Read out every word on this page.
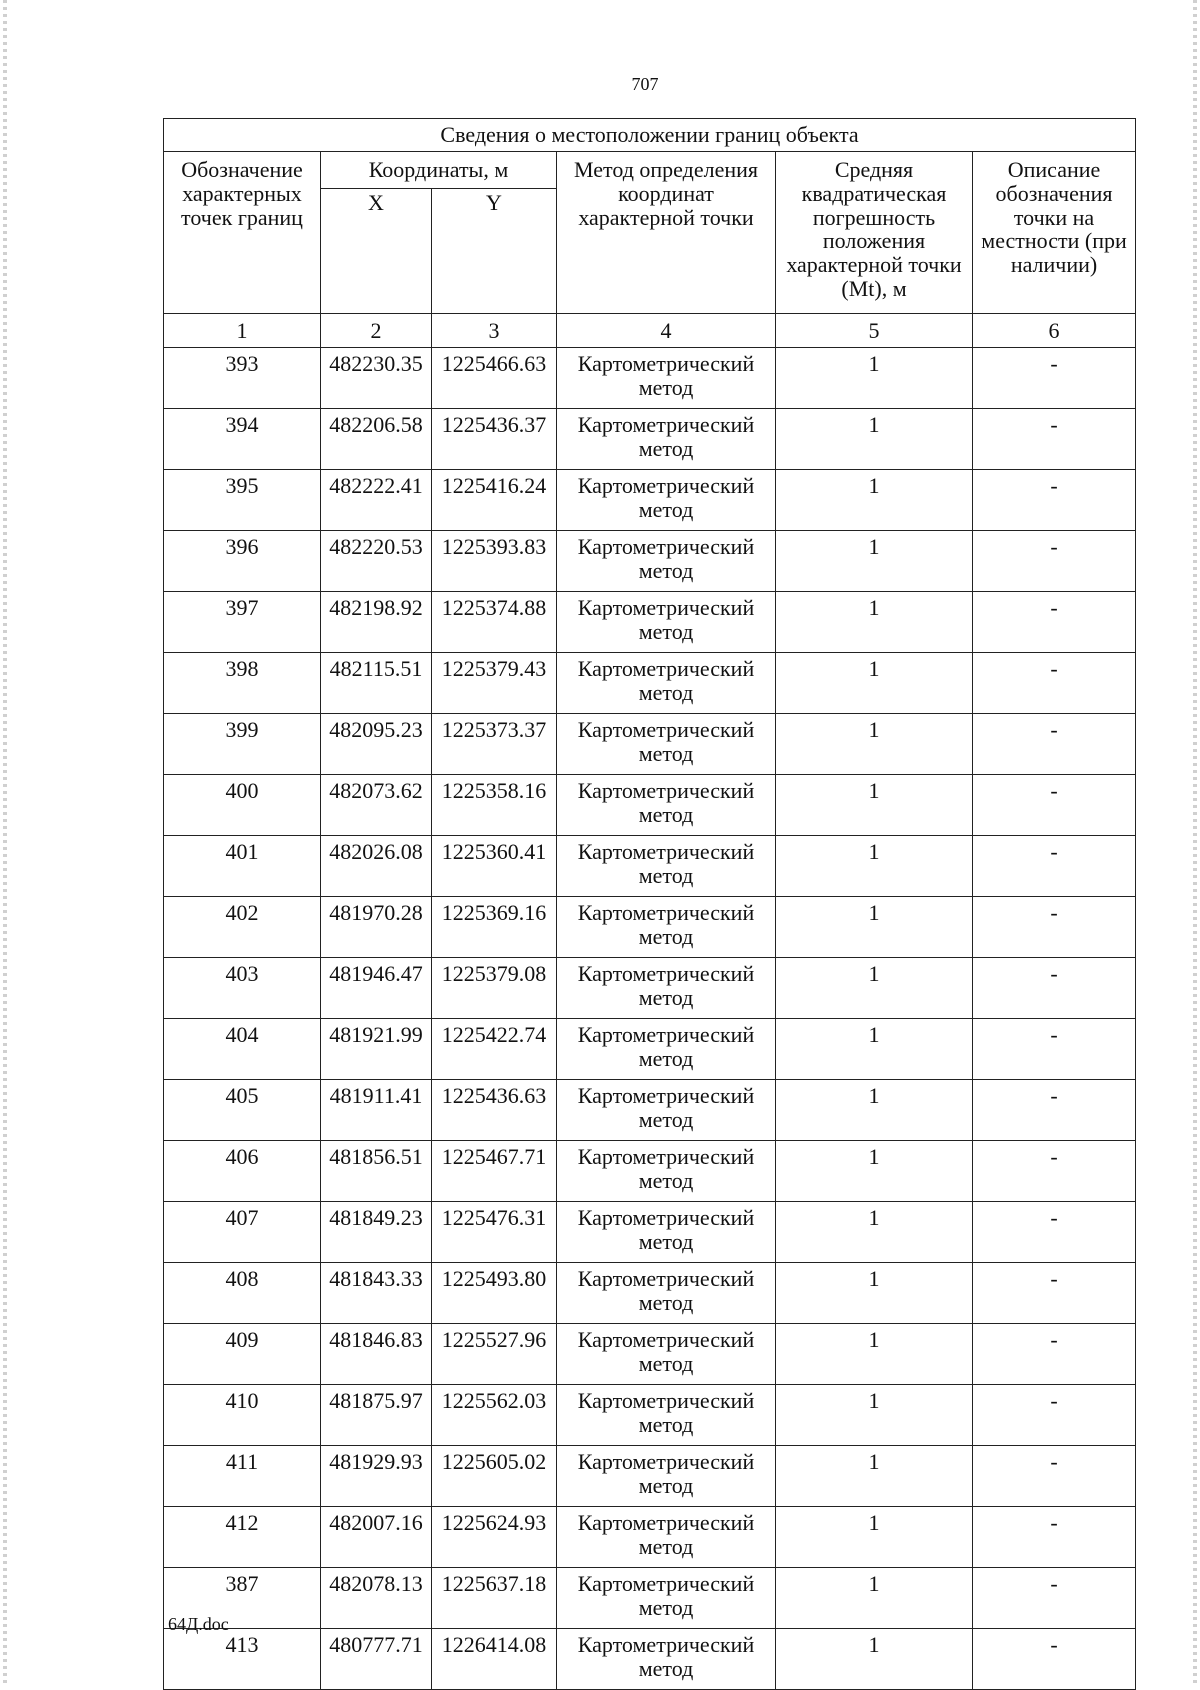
707
Сведения о местоположении границ объекта					
Обозначение характерных точек границ	Координаты, м		Метод определения координат характерной точки	Средняя квадратическая погрешность положения характерной точки (Mt), м	Описание обозначения точки на местности (при наличии)
	X	Y			
1	2	3	4	5	6
393	482230.35	1225466.63	Картометрический метод	1	-
394	482206.58	1225436.37	Картометрический метод	1	-
395	482222.41	1225416.24	Картометрический метод	1	-
396	482220.53	1225393.83	Картометрический метод	1	-
397	482198.92	1225374.88	Картометрический метод	1	-
398	482115.51	1225379.43	Картометрический метод	1	-
399	482095.23	1225373.37	Картометрический метод	1	-
400	482073.62	1225358.16	Картометрический метод	1	-
401	482026.08	1225360.41	Картометрический метод	1	-
402	481970.28	1225369.16	Картометрический метод	1	-
403	481946.47	1225379.08	Картометрический метод	1	-
404	481921.99	1225422.74	Картометрический метод	1	-
405	481911.41	1225436.63	Картометрический метод	1	-
406	481856.51	1225467.71	Картометрический метод	1	-
407	481849.23	1225476.31	Картометрический метод	1	-
408	481843.33	1225493.80	Картометрический метод	1	-
409	481846.83	1225527.96	Картометрический метод	1	-
410	481875.97	1225562.03	Картометрический метод	1	-
411	481929.93	1225605.02	Картометрический метод	1	-
412	482007.16	1225624.93	Картометрический метод	1	-
387	482078.13	1225637.18	Картометрический метод	1	-
413	480777.71	1226414.08	Картометрический метод	1	-
64Д.doc
